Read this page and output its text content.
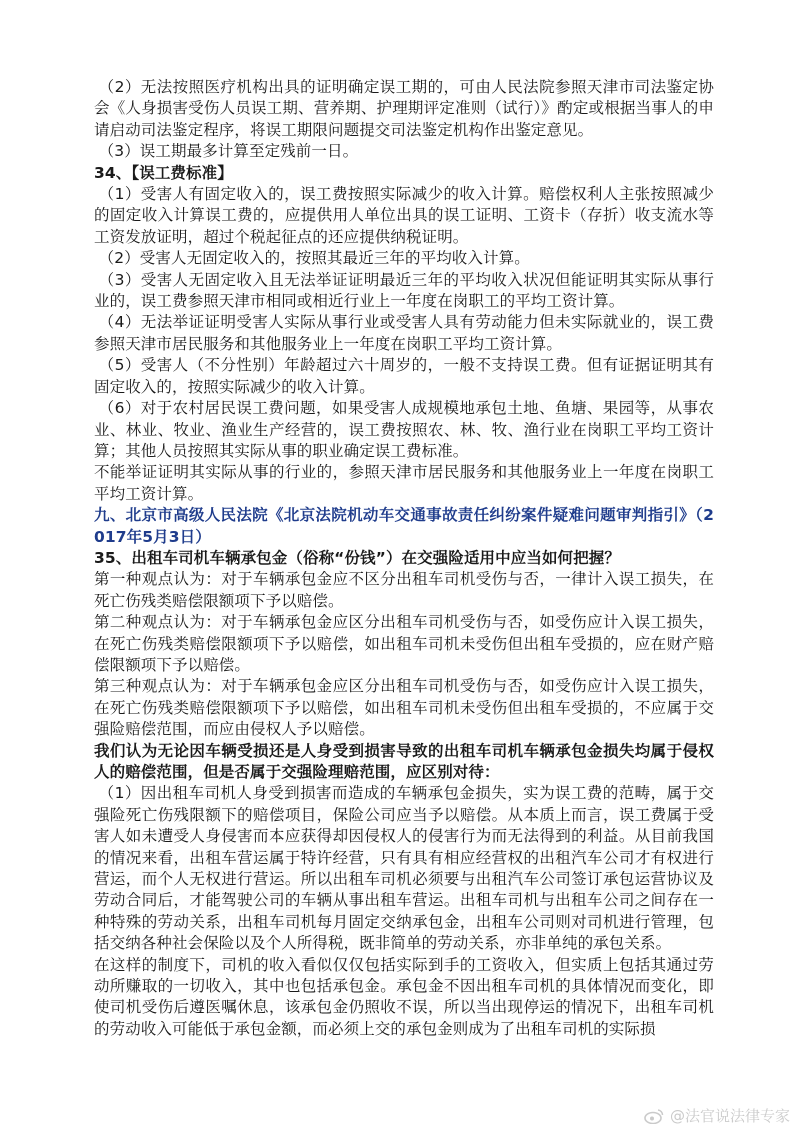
（2）无法按照医疗机构出具的证明确定误工期的，可由人民法院参照天津市司法鉴定协会《人身损害受伤人员误工期、营养期、护理期评定准则（试行）》酌定或根据当事人的申请启动司法鉴定程序，将误工期限问题提交司法鉴定机构作出鉴定意见。

（3）误工期最多计算至定残前一日。

34、【误工费标准】

（1）受害人有固定收入的，误工费按照实际减少的收入计算。赔偿权利人主张按照减少的固定收入计算误工费的，应提供用人单位出具的误工证明、工资卡（存折）收支流水等工资发放证明，超过个税起征点的还应提供纳税证明。

（2）受害人无固定收入的，按照其最近三年的平均收入计算。

（3）受害人无固定收入且无法举证证明最近三年的平均收入状况但能证明其实际从事行业的，误工费参照天津市相同或相近行业上一年度在岗职工的平均工资计算。

（4）无法举证证明受害人实际从事行业或受害人具有劳动能力但未实际就业的，误工费参照天津市居民服务和其他服务业上一年度在岗职工平均工资计算。

（5）受害人（不分性别）年龄超过六十周岁的，一般不支持误工费。但有证据证明其有固定收入的，按照实际减少的收入计算。

（6）对于农村居民误工费问题，如果受害人成规模地承包土地、鱼塘、果园等，从事农业、林业、牧业、渔业生产经营的，误工费按照农、林、牧、渔行业在岗职工平均工资计算；其他人员按照其实际从事的职业确定误工费标准。

不能举证证明其实际从事的行业的，参照天津市居民服务和其他服务业上一年度在岗职工平均工资计算。

九、北京市高级人民法院《北京法院机动车交通事故责任纠纷案件疑难问题审判指引》（2017年5月3日）

35、出租车司机车辆承包金（俗称“份钱”）在交强险适用中应当如何把握？

第一种观点认为：对于车辆承包金应不区分出租车司机受伤与否，一律计入误工损失，在死亡伤残类赔偿限额项下予以赔偿。

第二种观点认为：对于车辆承包金应区分出租车司机受伤与否，如受伤应计入误工损失，在死亡伤残类赔偿限额项下予以赔偿，如出租车司机未受伤但出租车受损的，应在财产赔偿限额项下予以赔偿。

第三种观点认为：对于车辆承包金应区分出租车司机受伤与否，如受伤应计入误工损失，在死亡伤残类赔偿限额项下予以赔偿，如出租车司机未受伤但出租车受损的，不应属于交强险赔偿范围，而应由侵权人予以赔偿。

我们认为无论因车辆受损还是人身受到损害导致的出租车司机车辆承包金损失均属于侵权人的赔偿范围，但是否属于交强险理赔范围，应区别对待：

（1）因出租车司机人身受到损害而造成的车辆承包金损失，实为误工费的范畴，属于交强险死亡伤残限额下的赔偿项目，保险公司应当予以赔偿。从本质上而言，误工费属于受害人如未遭受人身侵害而本应获得却因侵权人的侵害行为而无法得到的利益。从目前我国的情况来看，出租车营运属于特许经营，只有具有相应经营权的出租汽车公司才有权进行营运，而个人无权进行营运。所以出租车司机必须要与出租汽车公司签订承包运营协议及劳动合同后，才能驾驶公司的车辆从事出租车营运。出租车司机与出租车公司之间存在一种特殊的劳动关系，出租车司机每月固定交纳承包金，出租车公司则对司机进行管理，包括交纳各种社会保险以及个人所得税，既非简单的劳动关系，亦非单纯的承包关系。

在这样的制度下，司机的收入看似仅仅包括实际到手的工资收入，但实质上包括其通过劳动所赚取的一切收入，其中也包括承包金。承包金不因出租车司机的具体情况而变化，即使司机受伤后遵医嘱休息，该承包金仍照收不误，所以当出现停运的情况下，出租车司机的劳动收入可能低于承包金额，而必须上交的承包金则成为了出租车司机的实际损

@法官说法律专家
